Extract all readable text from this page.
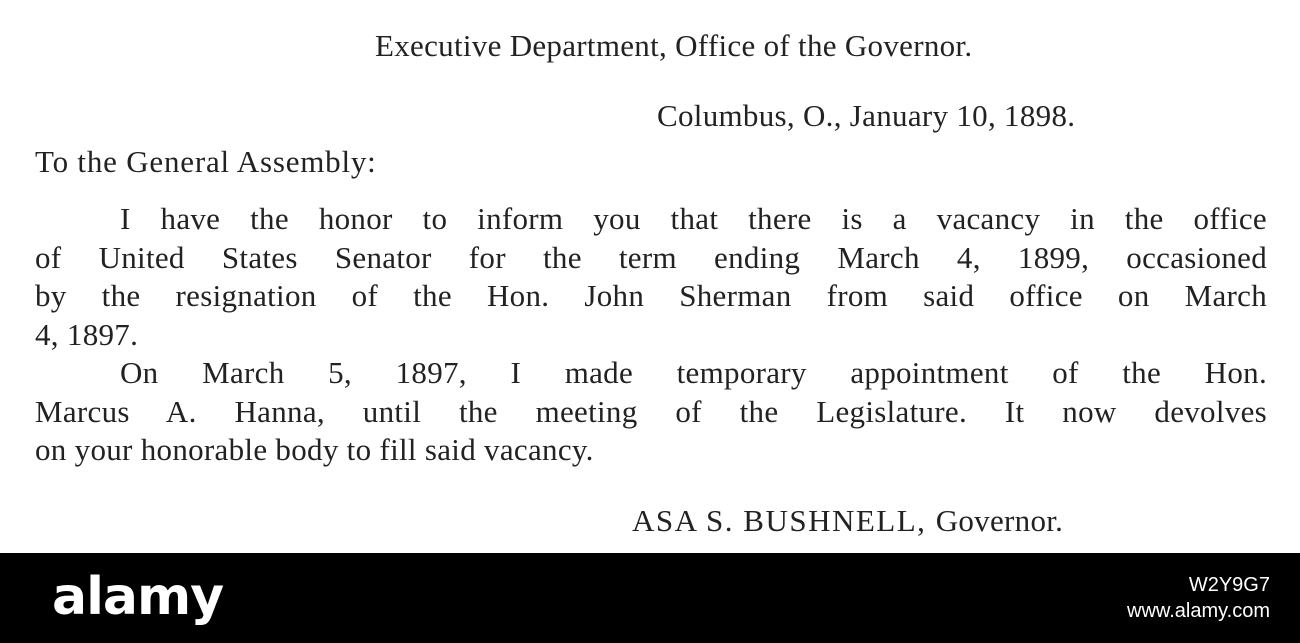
Executive Department, Office of the Governor.
Columbus, O., January 10, 1898.
To the General Assembly:
I have the honor to inform you that there is a vacancy in the office
of United States Senator for the term ending March 4, 1899, occasioned
by the resignation of the Hon. John Sherman from said office on March
4, 1897.
On March 5, 1897, I made temporary appointment of the Hon.
Marcus A. Hanna, until the meeting of the Legislature. It now devolves
on your honorable body to fill said vacancy.
ASA S. BUSHNELL, Governor.
alamy	W2Y9G7
www.alamy.com
